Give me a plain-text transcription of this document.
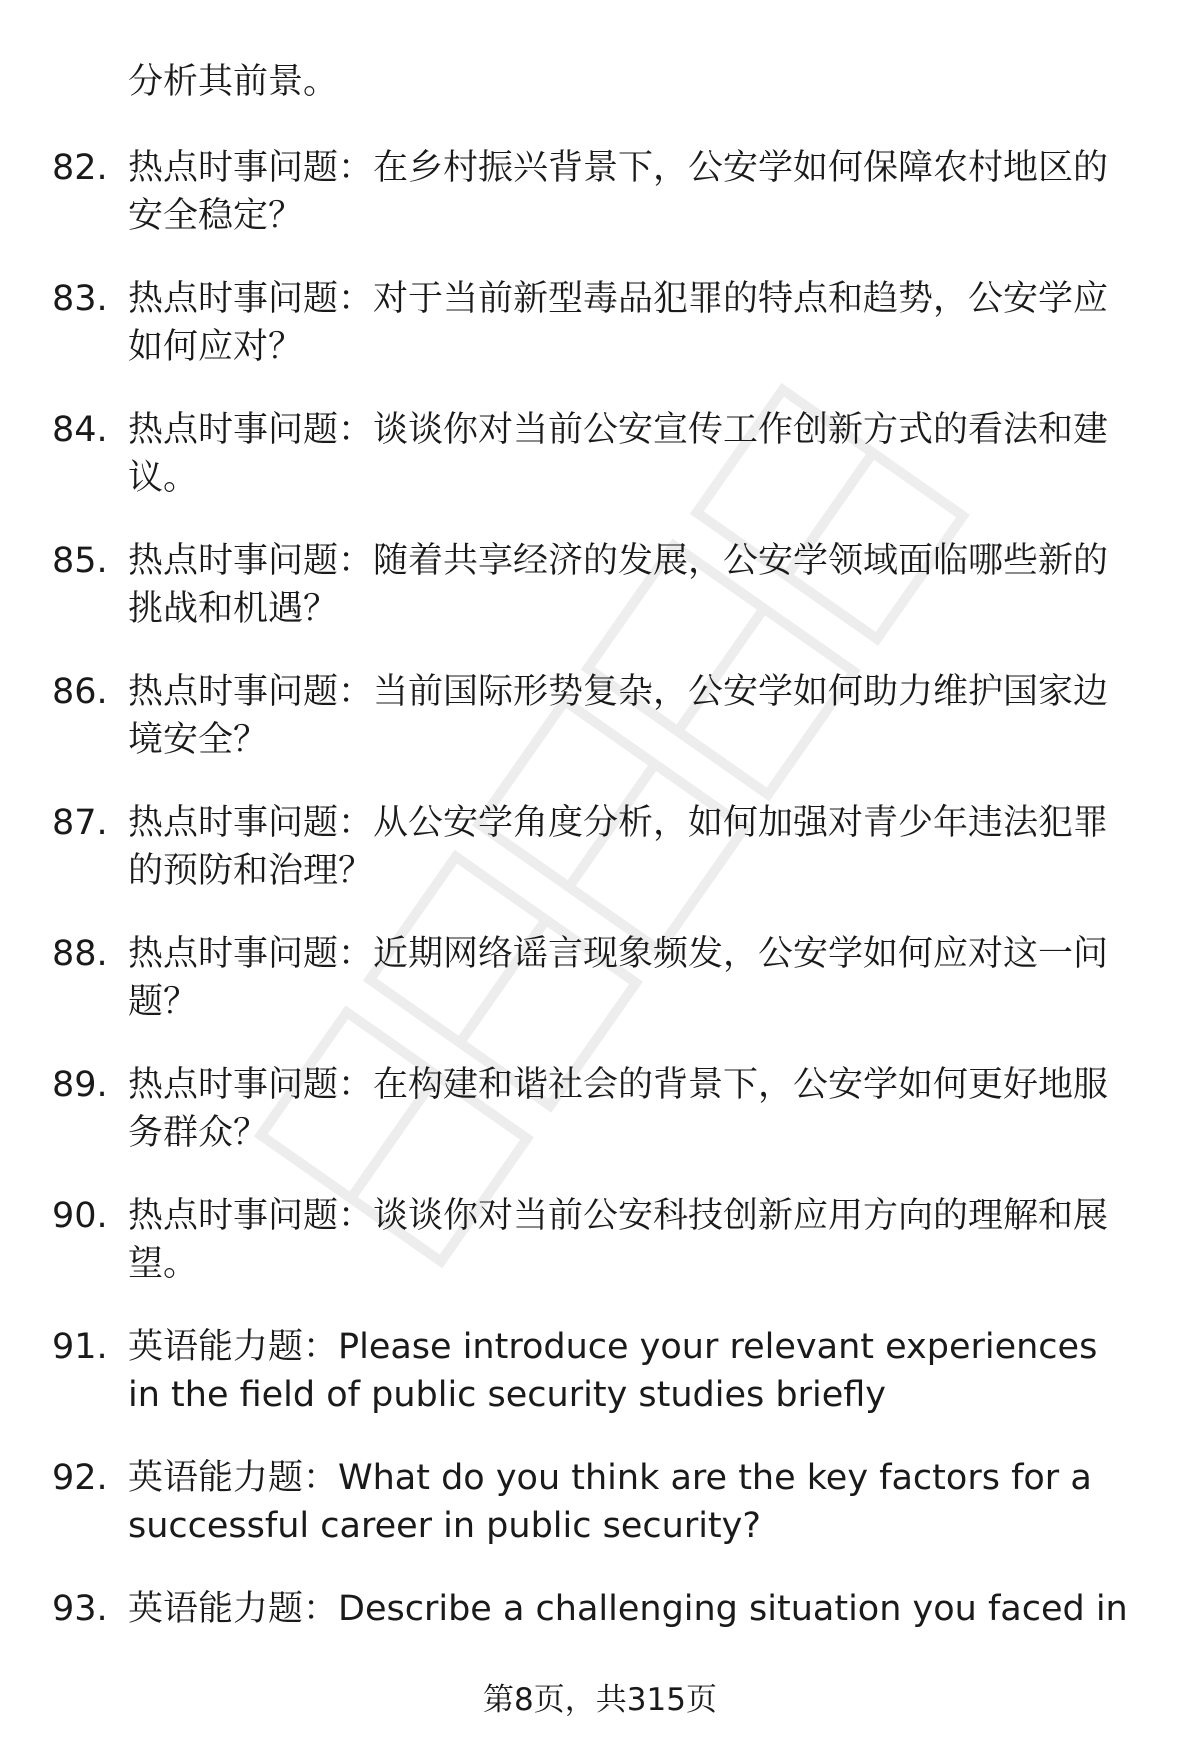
分析其前景。
82. 热点时事问题：在乡村振兴背景下，公安学如何保障农村地区的安全稳定？
83. 热点时事问题：对于当前新型毒品犯罪的特点和趋势，公安学应如何应对？
84. 热点时事问题：谈谈你对当前公安宣传工作创新方式的看法和建议。
85. 热点时事问题：随着共享经济的发展，公安学领域面临哪些新的挑战和机遇？
86. 热点时事问题：当前国际形势复杂，公安学如何助力维护国家边境安全？
87. 热点时事问题：从公安学角度分析，如何加强对青少年违法犯罪的预防和治理？
88. 热点时事问题：近期网络谣言现象频发，公安学如何应对这一问题？
89. 热点时事问题：在构建和谐社会的背景下，公安学如何更好地服务群众？
90. 热点时事问题：谈谈你对当前公安科技创新应用方向的理解和展望。
91. 英语能力题：Please introduce your relevant experiences in the field of public security studies briefly
92. 英语能力题：What do you think are the key factors for a successful career in public security?
93. 英语能力题：Describe a challenging situation you faced in
第8页，共315页
